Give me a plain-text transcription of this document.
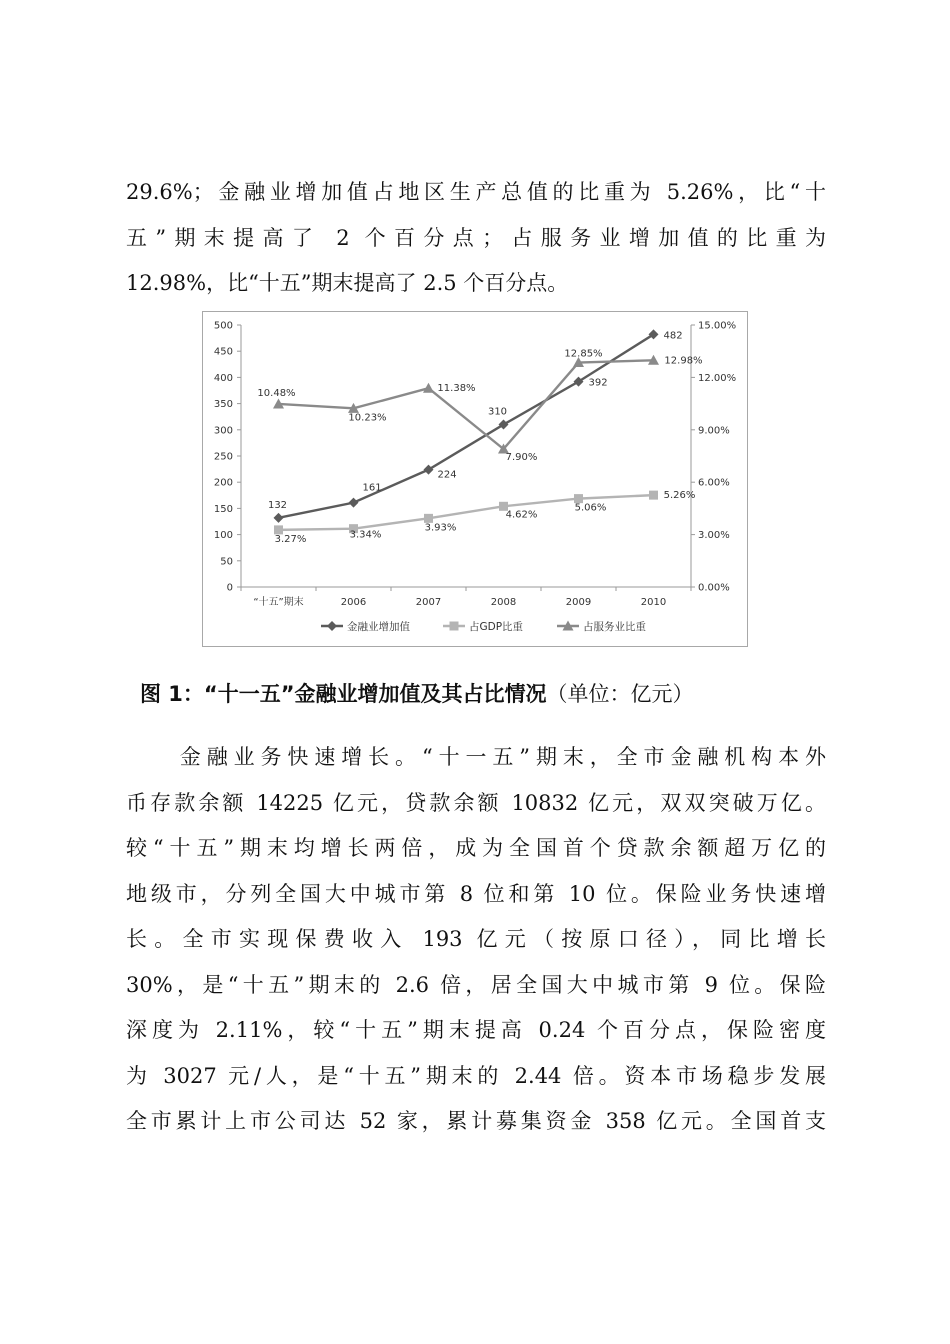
29.6%；金融业增加值占地区生产总值的比重为 5.26%，比“十
五”期末提高了 2 个百分点；占服务业增加值的比重为
12.98%，比“十五”期末提高了 2.5 个百分点。
0
50
100
150
200
250
300
350
400
450
500
0.00%
3.00%
6.00%
9.00%
12.00%
15.00%
“十五”期末	2006	2007	2008	2009	2010
132
161
224
310
392
482
3.27%	3.34%
3.93%
4.62%
5.06%
5.26%
10.48%
10.23%
11.38%
7.90%
12.85%
12.98%
金融业增加值	占GDP比重	占服务业比重
图 1：“十一五”金融业增加值及其占比情况（单位：亿元）
　　金融业务快速增长。“十一五”期末，全市金融机构本外
币存款余额 14225 亿元，贷款余额 10832 亿元，双双突破万亿。
较“十五”期末均增长两倍，成为全国首个贷款余额超万亿的
地级市，分列全国大中城市第 8 位和第 10 位。保险业务快速增
长。全市实现保费收入 193 亿元（按原口径），同比增长
30%，是“十五”期末的 2.6 倍，居全国大中城市第 9 位。保险
深度为 2.11%，较“十五”期末提高 0.24 个百分点，保险密度
为 3027 元/人，是“十五”期末的 2.44 倍。资本市场稳步发展
全市累计上市公司达 52 家，累计募集资金 358 亿元。全国首支
